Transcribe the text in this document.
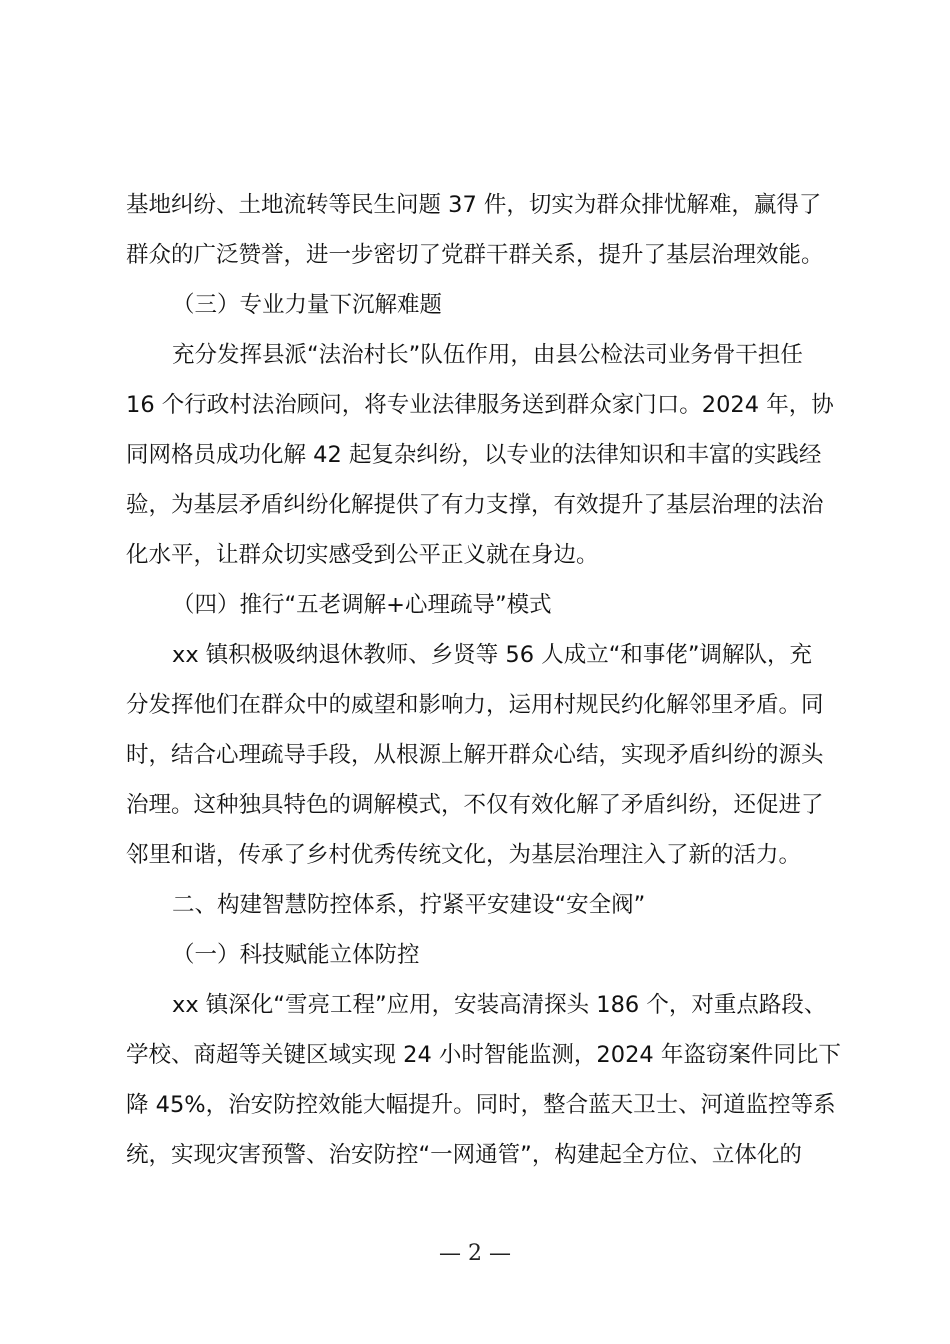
基地纠纷、土地流转等民生问题 37 件，切实为群众排忧解难，赢得了
群众的广泛赞誉，进一步密切了党群干群关系，提升了基层治理效能。
（三）专业力量下沉解难题
充分发挥县派“法治村长”队伍作用，由县公检法司业务骨干担任
16 个行政村法治顾问，将专业法律服务送到群众家门口。2024 年，协
同网格员成功化解 42 起复杂纠纷，以专业的法律知识和丰富的实践经
验，为基层矛盾纠纷化解提供了有力支撑，有效提升了基层治理的法治
化水平，让群众切实感受到公平正义就在身边。
（四）推行“五老调解+心理疏导”模式
xx 镇积极吸纳退休教师、乡贤等 56 人成立“和事佬”调解队，充
分发挥他们在群众中的威望和影响力，运用村规民约化解邻里矛盾。同
时，结合心理疏导手段，从根源上解开群众心结，实现矛盾纠纷的源头
治理。这种独具特色的调解模式，不仅有效化解了矛盾纠纷，还促进了
邻里和谐，传承了乡村优秀传统文化，为基层治理注入了新的活力。
二、构建智慧防控体系，拧紧平安建设“安全阀”
（一）科技赋能立体防控
xx 镇深化“雪亮工程”应用，安装高清探头 186 个，对重点路段、
学校、商超等关键区域实现 24 小时智能监测，2024 年盗窃案件同比下
降 45%，治安防控效能大幅提升。同时，整合蓝天卫士、河道监控等系
统，实现灾害预警、治安防控“一网通管”，构建起全方位、立体化的
— 2 —
